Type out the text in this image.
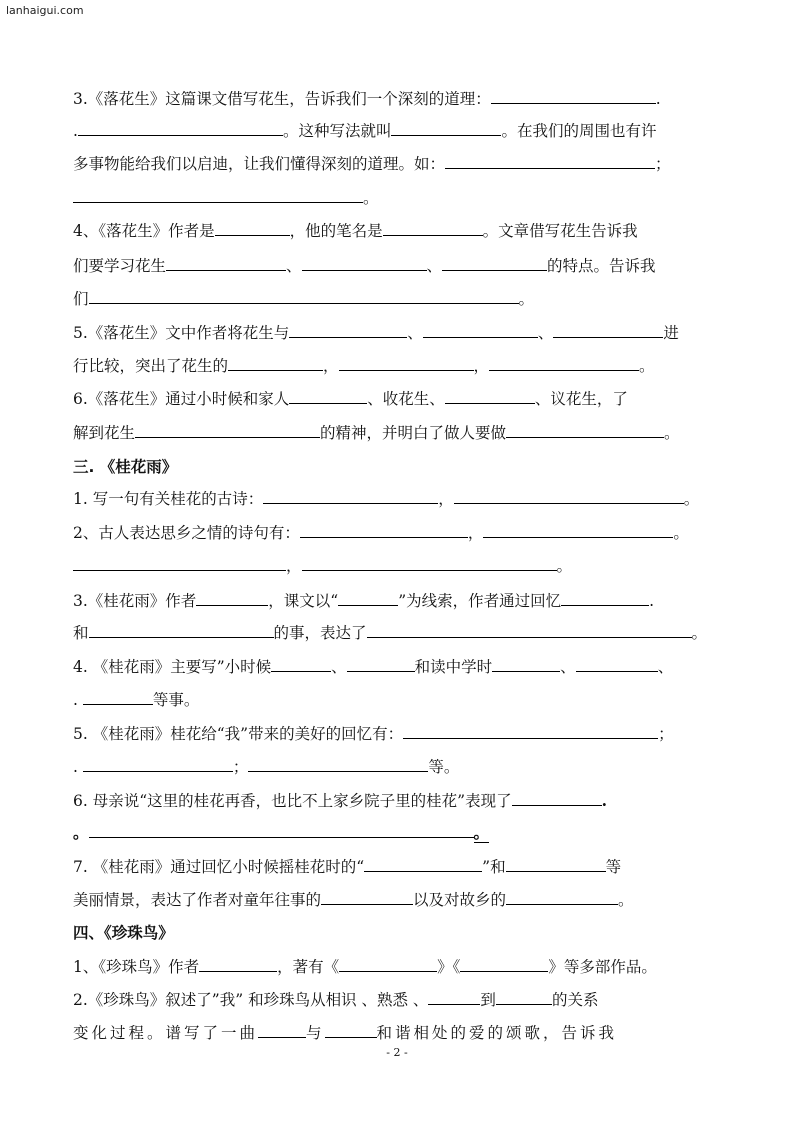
lanhaigui.com
3.《落花生》这篇课文借写花生，告诉我们一个深刻的道理：	.
.	。这种写法就叫	。在我们的周围也有许
多事物能给我们以启迪，让我们懂得深刻的道理。如：	；
。
4、《落花生》作者是	，他的笔名是	。文章借写花生告诉我
们要学习花生	、	、	的特点。告诉我
们	。
5.《落花生》文中作者将花生与	、	、	进
行比较，突出了花生的	，	，	。
6.《落花生》通过小时候和家人	、收花生、	、议花生，了
解到花生	的精神，并明白了做人要做	。
三. 《桂花雨》
1. 写一句有关桂花的古诗：	，	。
2、古人表达思乡之情的诗句有：	，	。
，	。
3.《桂花雨》作者	，课文以“	”为线索，作者通过回忆	.
和	的事，表达了	。
4. 《桂花雨》主要写”小时候	、	和读中学时	、	、
.	等事。
5. 《桂花雨》桂花给“我”带来的美好的回忆有：	；
.	；	等。
6. 母亲说“这里的桂花再香，也比不上家乡院子里的桂花”表现了	.
。	。
7. 《桂花雨》通过回忆小时候摇桂花时的“	”和	等
美丽情景，表达了作者对童年往事的	以及对故乡的	。
四、《珍珠鸟》
1、《珍珠鸟》作者	，著有《	》《	》等多部作品。
2.《珍珠鸟》叙述了”我” 和珍珠鸟从相识 、熟悉 、	到	的关系
变化过程。谱写了一曲	与	和谐相处的爱的颂歌，告诉我
- 2 -
